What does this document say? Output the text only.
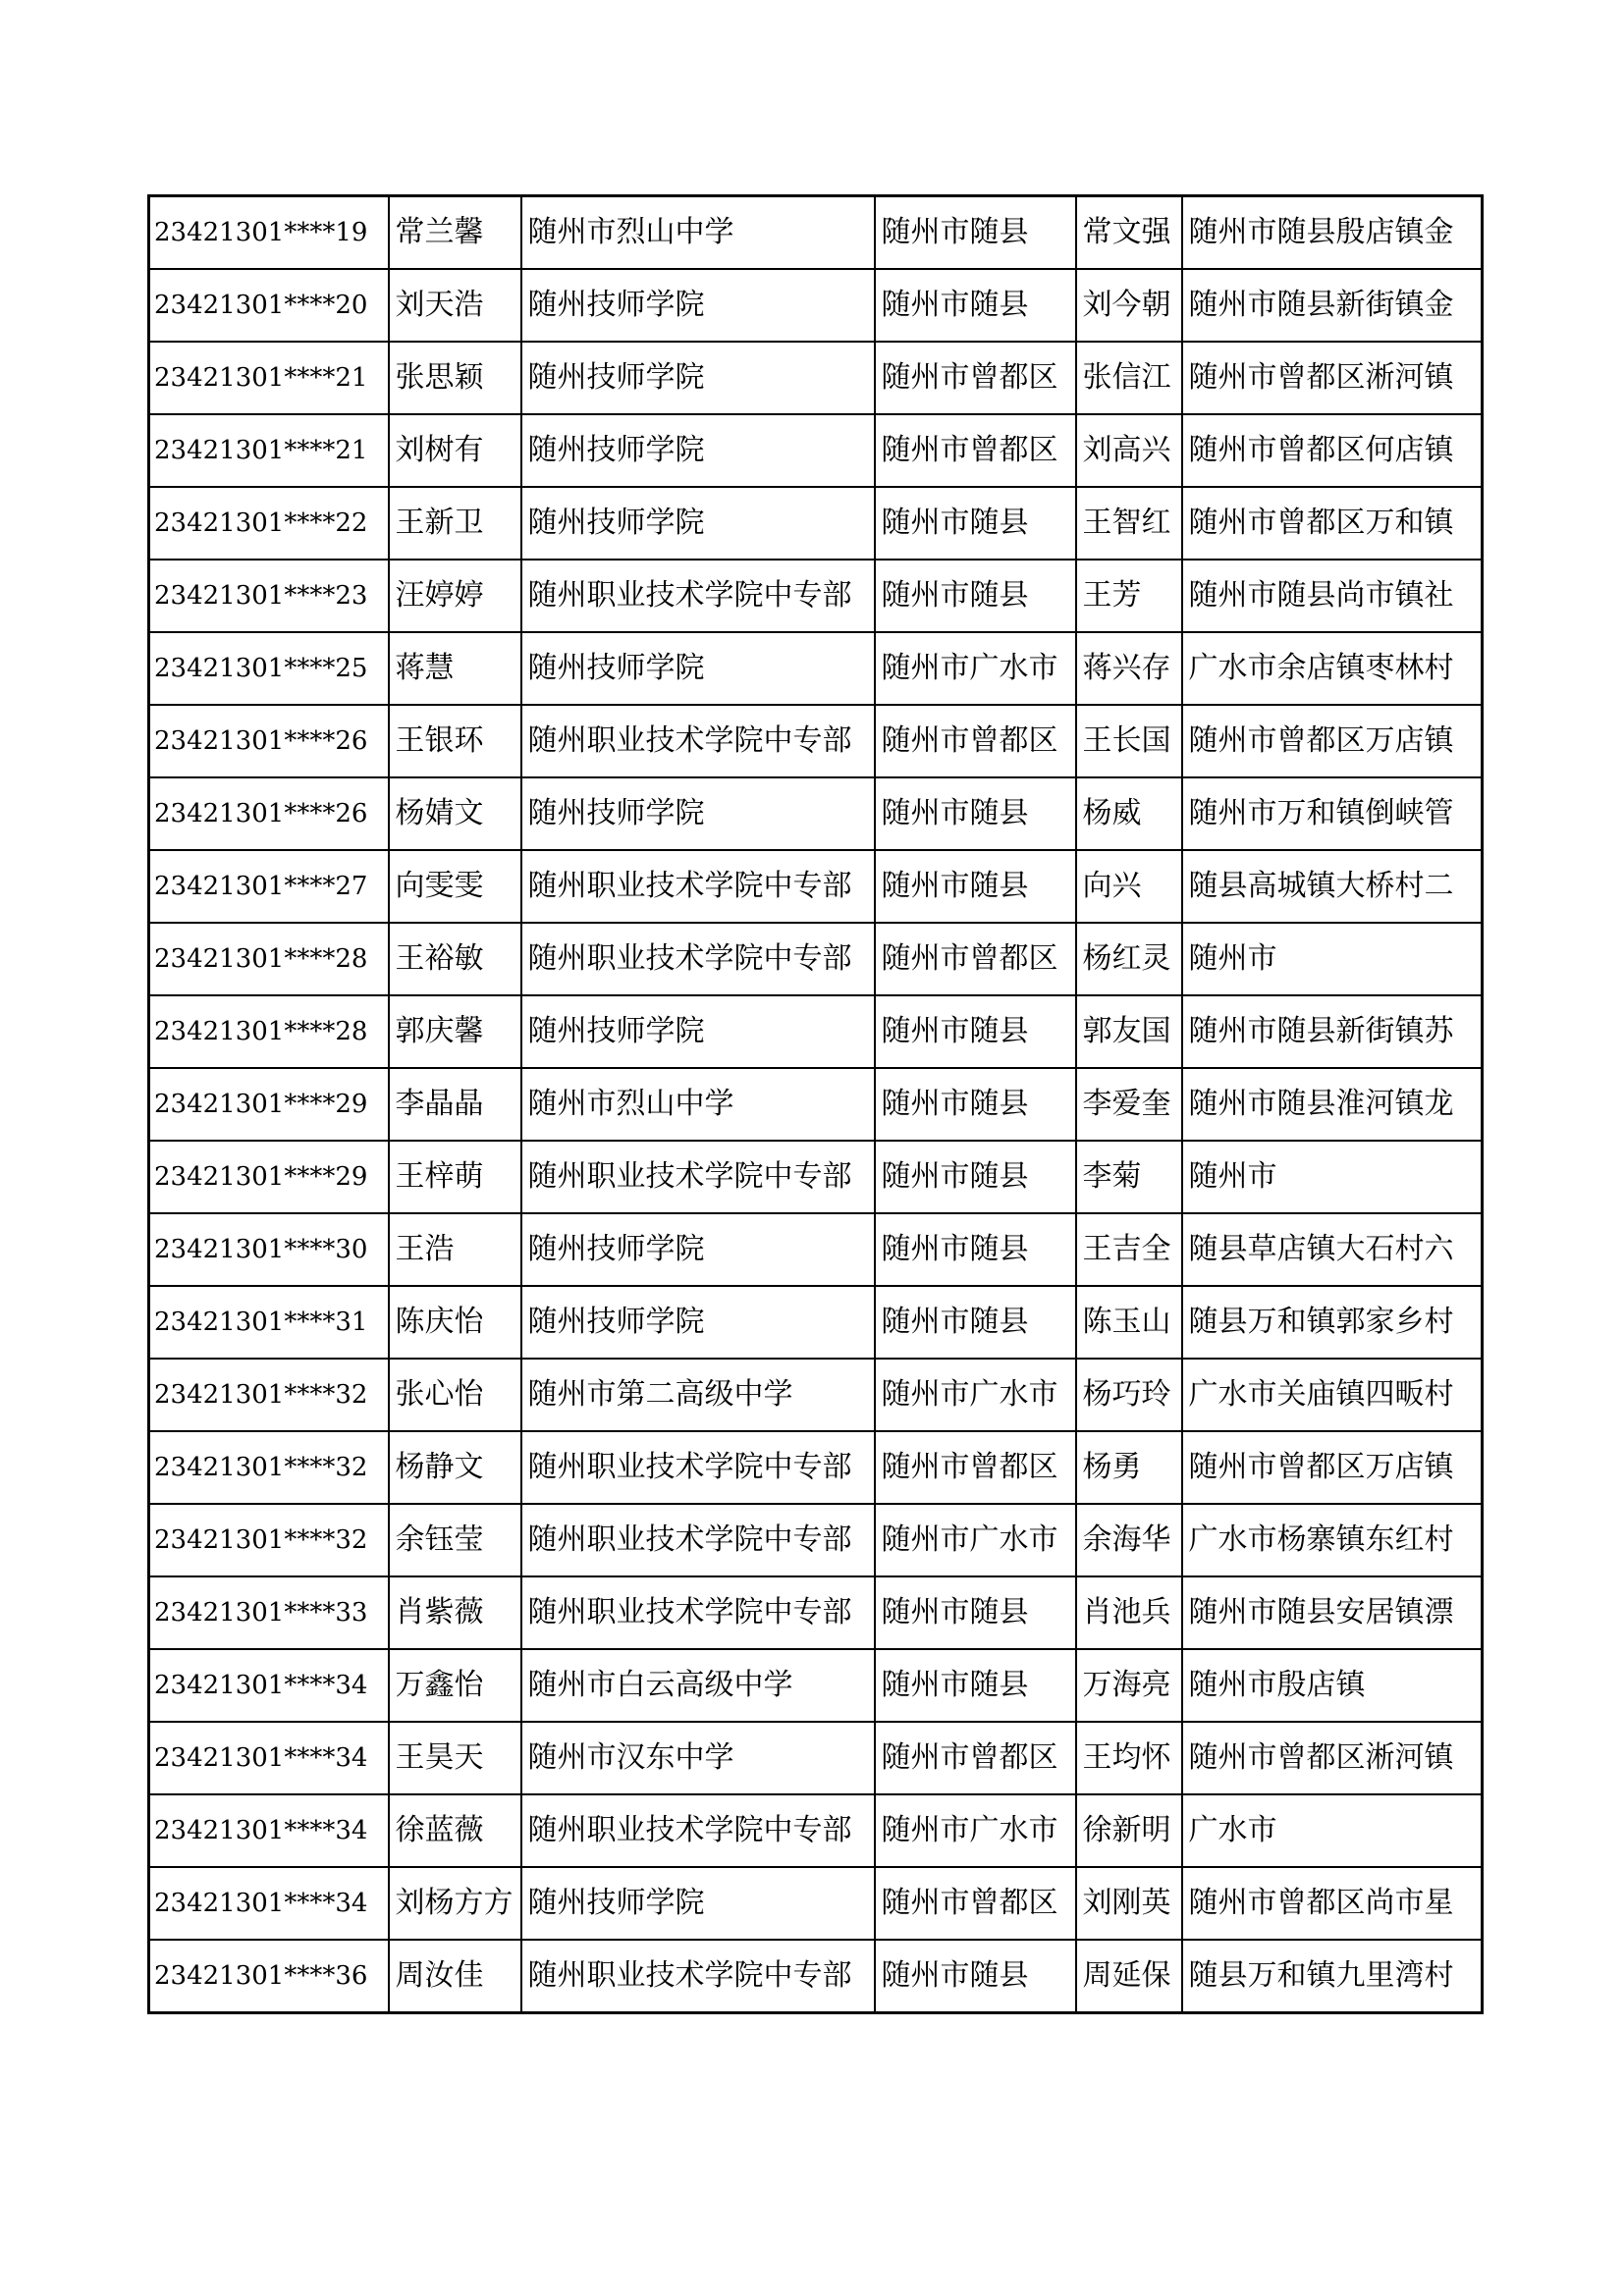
23421301****19	常兰馨	随州市烈山中学	随州市随县	常文强	随州市随县殷店镇金
23421301****20	刘天浩	随州技师学院	随州市随县	刘今朝	随州市随县新街镇金
23421301****21	张思颖	随州技师学院	随州市曾都区	张信江	随州市曾都区淅河镇
23421301****21	刘树有	随州技师学院	随州市曾都区	刘高兴	随州市曾都区何店镇
23421301****22	王新卫	随州技师学院	随州市随县	王智红	随州市曾都区万和镇
23421301****23	汪婷婷	随州职业技术学院中专部	随州市随县	王芳	随州市随县尚市镇社
23421301****25	蒋慧	随州技师学院	随州市广水市	蒋兴存	广水市余店镇枣林村
23421301****26	王银环	随州职业技术学院中专部	随州市曾都区	王长国	随州市曾都区万店镇
23421301****26	杨婧文	随州技师学院	随州市随县	杨威	随州市万和镇倒峡管
23421301****27	向雯雯	随州职业技术学院中专部	随州市随县	向兴	随县高城镇大桥村二
23421301****28	王裕敏	随州职业技术学院中专部	随州市曾都区	杨红灵	随州市
23421301****28	郭庆馨	随州技师学院	随州市随县	郭友国	随州市随县新街镇苏
23421301****29	李晶晶	随州市烈山中学	随州市随县	李爱奎	随州市随县淮河镇龙
23421301****29	王梓萌	随州职业技术学院中专部	随州市随县	李菊	随州市
23421301****30	王浩	随州技师学院	随州市随县	王吉全	随县草店镇大石村六
23421301****31	陈庆怡	随州技师学院	随州市随县	陈玉山	随县万和镇郭家乡村
23421301****32	张心怡	随州市第二高级中学	随州市广水市	杨巧玲	广水市关庙镇四畈村
23421301****32	杨静文	随州职业技术学院中专部	随州市曾都区	杨勇	随州市曾都区万店镇
23421301****32	余钰莹	随州职业技术学院中专部	随州市广水市	余海华	广水市杨寨镇东红村
23421301****33	肖紫薇	随州职业技术学院中专部	随州市随县	肖池兵	随州市随县安居镇漂
23421301****34	万鑫怡	随州市白云高级中学	随州市随县	万海亮	随州市殷店镇
23421301****34	王昊天	随州市汉东中学	随州市曾都区	王均怀	随州市曾都区淅河镇
23421301****34	徐蓝薇	随州职业技术学院中专部	随州市广水市	徐新明	广水市
23421301****34	刘杨方方	随州技师学院	随州市曾都区	刘刚英	随州市曾都区尚市星
23421301****36	周汝佳	随州职业技术学院中专部	随州市随县	周延保	随县万和镇九里湾村
